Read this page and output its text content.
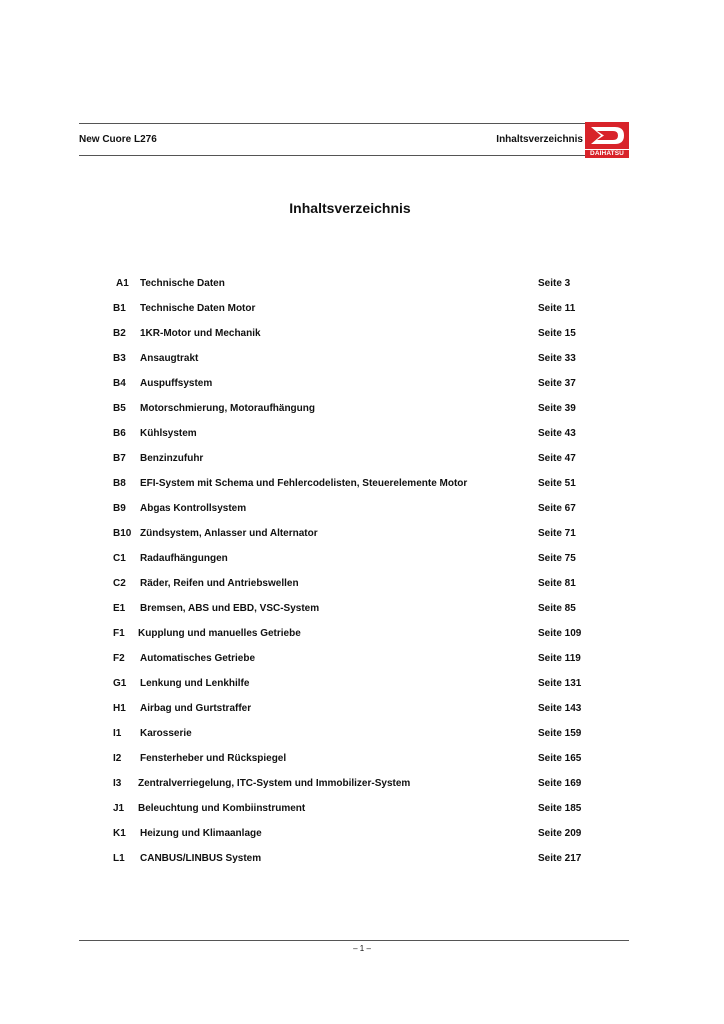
New Cuore L276	Inhaltsverzeichnis
DAIHATSU
Inhaltsverzeichnis
A1 Technische Daten	Seite 3
B1 Technische Daten Motor	Seite 11
B2 1KR-Motor und Mechanik	Seite 15
B3 Ansaugtrakt	Seite 33
B4 Auspuffsystem	Seite 37
B5 Motorschmierung, Motoraufhängung	Seite 39
B6 Kühlsystem	Seite 43
B7 Benzinzufuhr	Seite 47
B8 EFI-System mit Schema und Fehlercodelisten, Steuerelemente Motor	Seite 51
B9 Abgas Kontrollsystem	Seite 67
B10 Zündsystem, Anlasser und Alternator	Seite 71
C1 Radaufhängungen	Seite 75
C2 Räder, Reifen und Antriebswellen	Seite 81
E1 Bremsen, ABS und EBD, VSC-System	Seite 85
F1 Kupplung und manuelles Getriebe	Seite 109
F2 Automatisches Getriebe	Seite 119
G1 Lenkung und Lenkhilfe	Seite 131
H1 Airbag und Gurtstraffer	Seite 143
I1 Karosserie	Seite 159
I2 Fensterheber und Rückspiegel	Seite 165
I3 Zentralverriegelung, ITC-System und Immobilizer-System	Seite 169
J1 Beleuchtung und Kombiinstrument	Seite 185
K1 Heizung und Klimaanlage	Seite 209
L1 CANBUS/LINBUS System	Seite 217
– 1 –
